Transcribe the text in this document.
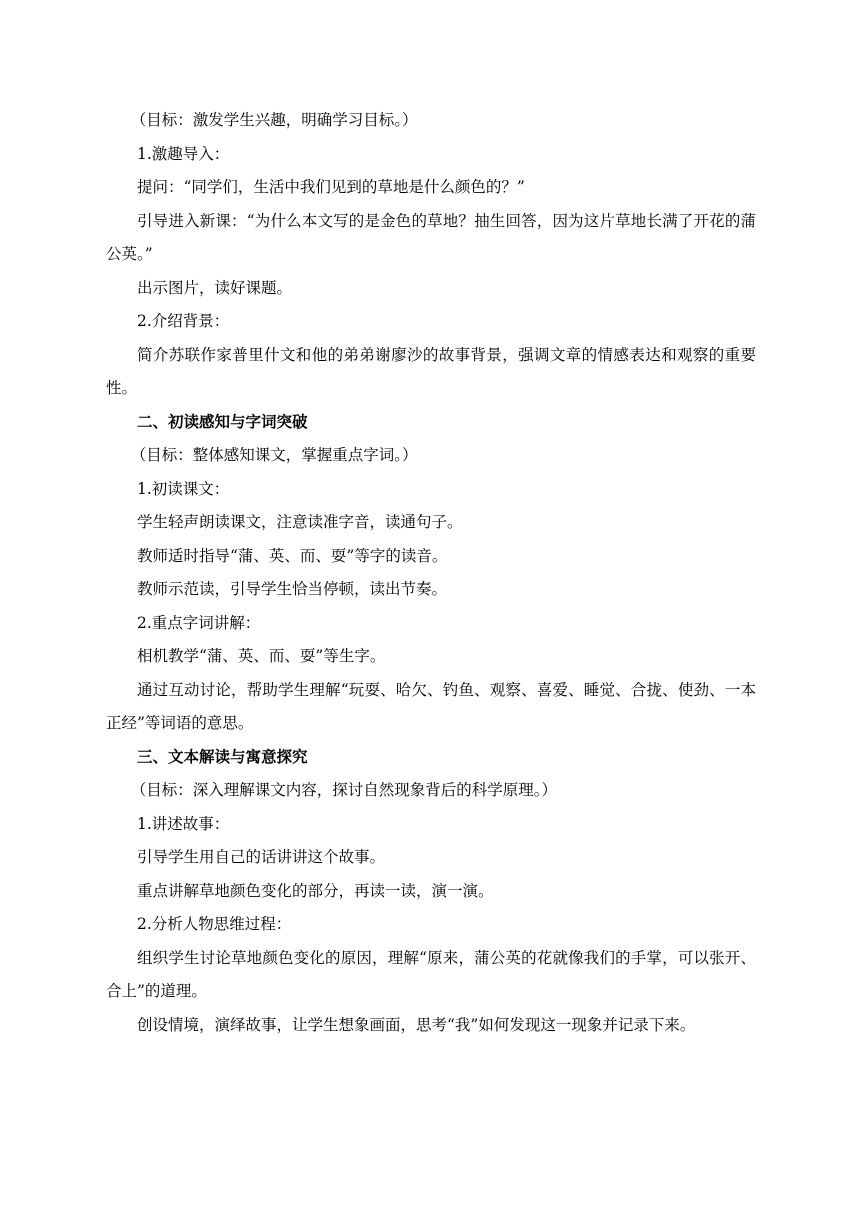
（目标：激发学生兴趣，明确学习目标。）

1.激趣导入：

提问：“同学们，生活中我们见到的草地是什么颜色的？”

引导进入新课：“为什么本文写的是金色的草地？抽生回答，因为这片草地长满了开花的蒲公英。”

出示图片，读好课题。

2.介绍背景：

简介苏联作家普里什文和他的弟弟谢廖沙的故事背景，强调文章的情感表达和观察的重要性。

二、初读感知与字词突破

（目标：整体感知课文，掌握重点字词。）

1.初读课文：

学生轻声朗读课文，注意读准字音，读通句子。

教师适时指导“蒲、英、而、耍”等字的读音。

教师示范读，引导学生恰当停顿，读出节奏。

2.重点字词讲解：

相机教学“蒲、英、而、耍”等生字。

通过互动讨论，帮助学生理解“玩耍、哈欠、钓鱼、观察、喜爱、睡觉、合拢、使劲、一本正经”等词语的意思。

三、文本解读与寓意探究

（目标：深入理解课文内容，探讨自然现象背后的科学原理。）

1.讲述故事：

引导学生用自己的话讲讲这个故事。

重点讲解草地颜色变化的部分，再读一读，演一演。

2.分析人物思维过程：

组织学生讨论草地颜色变化的原因，理解“原来，蒲公英的花就像我们的手掌，可以张开、合上”的道理。

创设情境，演绎故事，让学生想象画面，思考“我”如何发现这一现象并记录下来。
